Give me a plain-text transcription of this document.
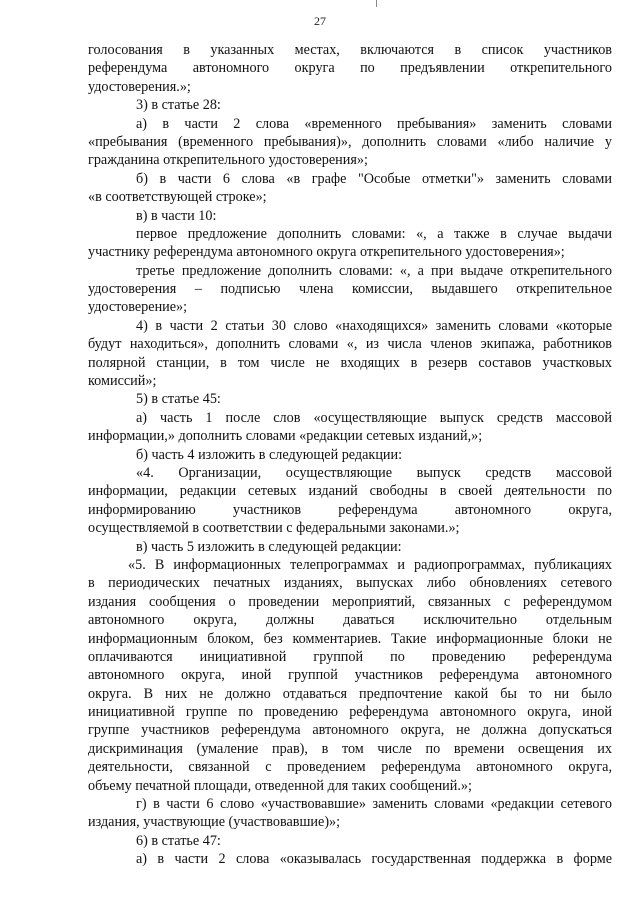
27
голосования в указанных местах, включаются в список участников
референдума автономного округа по предъявлении открепительного
удостоверения.»;
3) в статье 28:
а) в части 2 слова «временного пребывания» заменить словами
«пребывания (временного пребывания)», дополнить словами «либо наличие у
гражданина открепительного удостоверения»;
б) в части 6 слова «в графе "Особые отметки"» заменить словами
«в соответствующей строке»;
в) в части 10:
первое предложение дополнить словами: «, а также в случае выдачи
участнику референдума автономного округа открепительного удостоверения»;
третье предложение дополнить словами: «, а при выдаче открепительного
удостоверения – подписью члена комиссии, выдавшего открепительное
удостоверение»;
4) в части 2 статьи 30 слово «находящихся» заменить словами «которые
будут находиться», дополнить словами «, из числа членов экипажа, работников
полярной станции, в том числе не входящих в резерв составов участковых
комиссий»;
5) в статье 45:
а) часть 1 после слов «осуществляющие выпуск средств массовой
информации,» дополнить словами «редакции сетевых изданий,»;
б) часть 4 изложить в следующей редакции:
«4. Организации, осуществляющие выпуск средств массовой
информации, редакции сетевых изданий свободны в своей деятельности по
информированию участников референдума автономного округа,
осуществляемой в соответствии с федеральными законами.»;
в) часть 5 изложить в следующей редакции:
«5. В информационных телепрограммах и радиопрограммах, публикациях
в периодических печатных изданиях, выпусках либо обновлениях сетевого
издания сообщения о проведении мероприятий, связанных с референдумом
автономного округа, должны даваться исключительно отдельным
информационным блоком, без комментариев. Такие информационные блоки не
оплачиваются инициативной группой по проведению референдума
автономного округа, иной группой участников референдума автономного
округа. В них не должно отдаваться предпочтение какой бы то ни было
инициативной группе по проведению референдума автономного округа, иной
группе участников референдума автономного округа, не должна допускаться
дискриминация (умаление прав), в том числе по времени освещения их
деятельности, связанной с проведением референдума автономного округа,
объему печатной площади, отведенной для таких сообщений.»;
г) в части 6 слово «участвовавшие» заменить словами «редакции сетевого
издания, участвующие (участвовавшие)»;
6) в статье 47:
а) в части 2 слова «оказывалась государственная поддержка в форме
